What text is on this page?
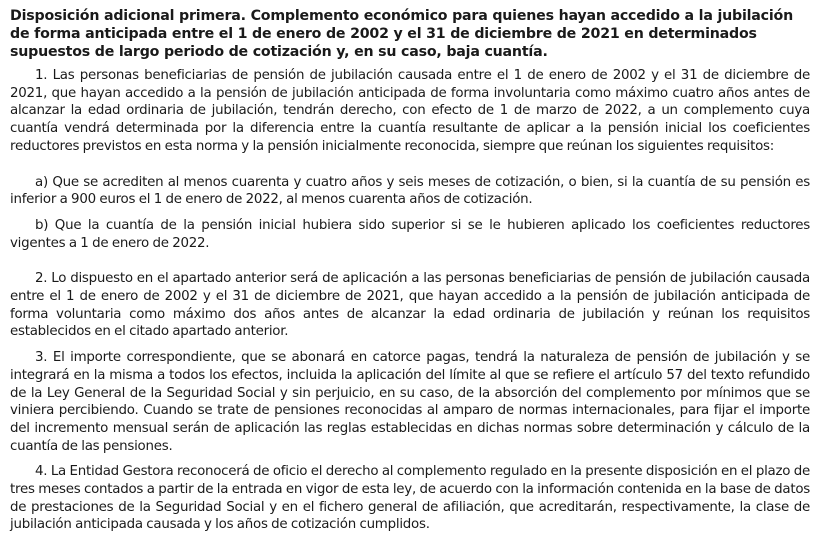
Disposición adicional primera. Complemento económico para quienes hayan accedido a la jubilación de forma anticipada entre el 1 de enero de 2002 y el 31 de diciembre de 2021 en determinados supuestos de largo periodo de cotización y, en su caso, baja cuantía.

1. Las personas beneficiarias de pensión de jubilación causada entre el 1 de enero de 2002 y el 31 de diciembre de 2021, que hayan accedido a la pensión de jubilación anticipada de forma involuntaria como máximo cuatro años antes de alcanzar la edad ordinaria de jubilación, tendrán derecho, con efecto de 1 de marzo de 2022, a un complemento cuya cuantía vendrá determinada por la diferencia entre la cuantía resultante de aplicar a la pensión inicial los coeficientes reductores previstos en esta norma y la pensión inicialmente reconocida, siempre que reúnan los siguientes requisitos:

a) Que se acrediten al menos cuarenta y cuatro años y seis meses de cotización, o bien, si la cuantía de su pensión es inferior a 900 euros el 1 de enero de 2022, al menos cuarenta años de cotización.

b) Que la cuantía de la pensión inicial hubiera sido superior si se le hubieren aplicado los coeficientes reductores vigentes a 1 de enero de 2022.

2. Lo dispuesto en el apartado anterior será de aplicación a las personas beneficiarias de pensión de jubilación causada entre el 1 de enero de 2002 y el 31 de diciembre de 2021, que hayan accedido a la pensión de jubilación anticipada de forma voluntaria como máximo dos años antes de alcanzar la edad ordinaria de jubilación y reúnan los requisitos establecidos en el citado apartado anterior.

3. El importe correspondiente, que se abonará en catorce pagas, tendrá la naturaleza de pensión de jubilación y se integrará en la misma a todos los efectos, incluida la aplicación del límite al que se refiere el artículo 57 del texto refundido de la Ley General de la Seguridad Social y sin perjuicio, en su caso, de la absorción del complemento por mínimos que se viniera percibiendo. Cuando se trate de pensiones reconocidas al amparo de normas internacionales, para fijar el importe del incremento mensual serán de aplicación las reglas establecidas en dichas normas sobre determinación y cálculo de la cuantía de las pensiones.

4. La Entidad Gestora reconocerá de oficio el derecho al complemento regulado en la presente disposición en el plazo de tres meses contados a partir de la entrada en vigor de esta ley, de acuerdo con la información contenida en la base de datos de prestaciones de la Seguridad Social y en el fichero general de afiliación, que acreditarán, respectivamente, la clase de jubilación anticipada causada y los años de cotización cumplidos.
